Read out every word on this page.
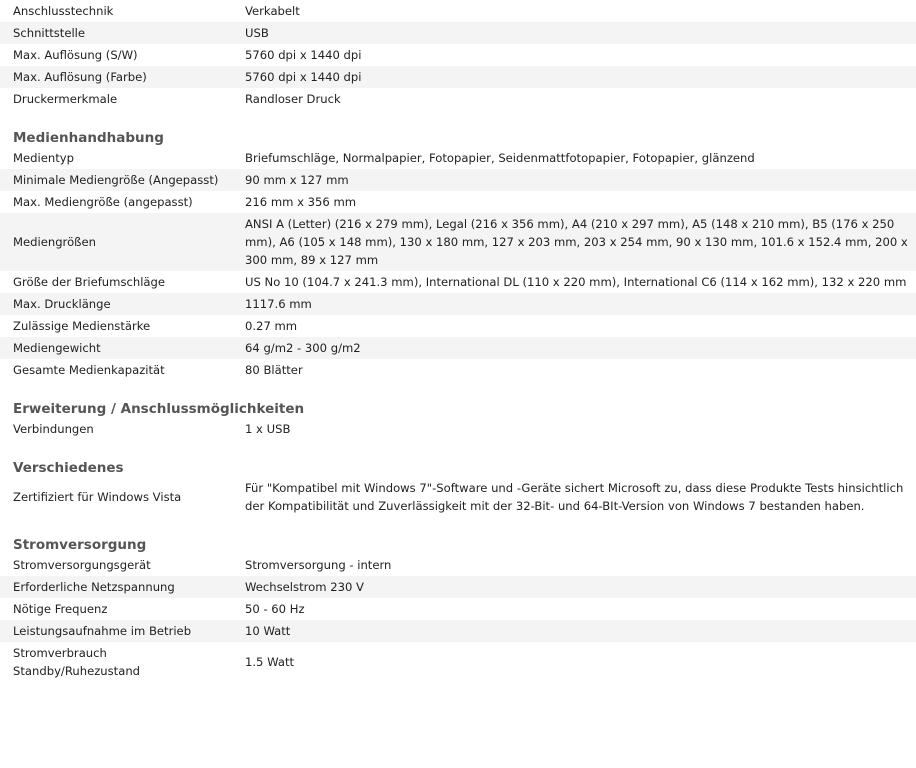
Anschlusstechnik	Verkabelt
Schnittstelle	USB
Max. Auflösung (S/W)	5760 dpi x 1440 dpi
Max. Auflösung (Farbe)	5760 dpi x 1440 dpi
Druckermerkmale	Randloser Druck

Medienhandhabung	
Medientyp	Briefumschläge, Normalpapier, Fotopapier, Seidenmattfotopapier, Fotopapier, glänzend
Minimale Mediengröße (Angepasst)	90 mm x 127 mm
Max. Mediengröße (angepasst)	216 mm x 356 mm
Mediengrößen	ANSI A (Letter) (216 x 279 mm), Legal (216 x 356 mm), A4 (210 x 297 mm), A5 (148 x 210 mm), B5 (176 x 250 mm), A6 (105 x 148 mm), 130 x 180 mm, 127 x 203 mm, 203 x 254 mm, 90 x 130 mm, 101.6 x 152.4 mm, 200 x 300 mm, 89 x 127 mm
Größe der Briefumschläge	US No 10 (104.7 x 241.3 mm), International DL (110 x 220 mm), International C6 (114 x 162 mm), 132 x 220 mm
Max. Drucklänge	1117.6 mm
Zulässige Medienstärke	0.27 mm
Mediengewicht	64 g/m2 - 300 g/m2
Gesamte Medienkapazität	80 Blätter

Erweiterung / Anschlussmöglichkeiten	
Verbindungen	1 x USB

Verschiedenes	
Zertifiziert für Windows Vista	Für "Kompatibel mit Windows 7"-Software und -Geräte sichert Microsoft zu, dass diese Produkte Tests hinsichtlich der Kompatibilität und Zuverlässigkeit mit der 32-Bit- und 64-BIt-Version von Windows 7 bestanden haben.

Stromversorgung	
Stromversorgungsgerät	Stromversorgung - intern
Erforderliche Netzspannung	Wechselstrom 230 V
Nötige Frequenz	50 - 60 Hz
Leistungsaufnahme im Betrieb	10 Watt
Stromverbrauch Standby/Ruhezustand	1.5 Watt
